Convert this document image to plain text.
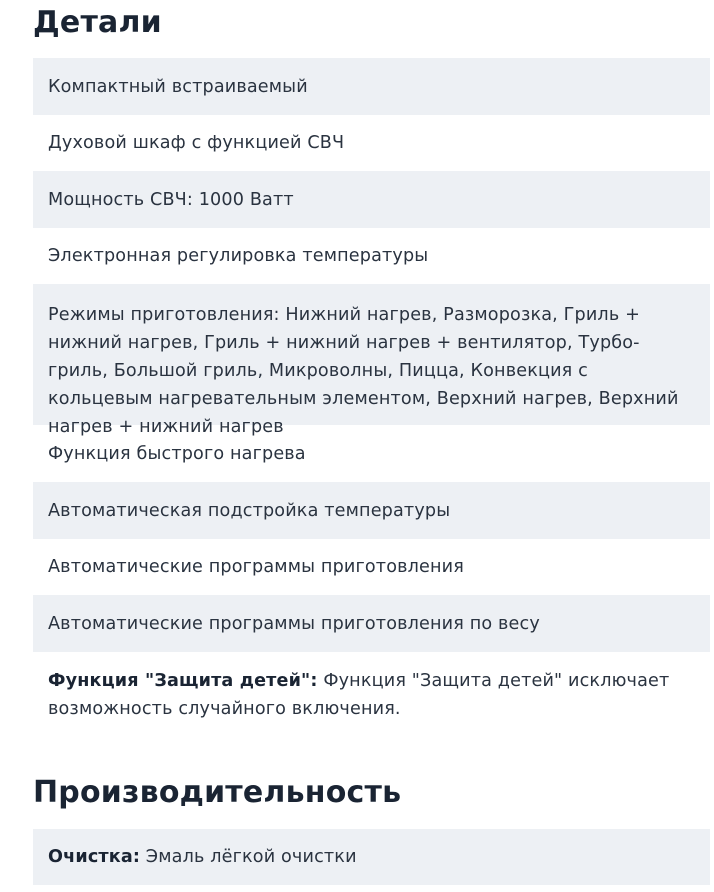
Детали
Компактный встраиваемый
Духовой шкаф с функцией СВЧ
Мощность СВЧ: 1000 Ватт
Электронная регулировка температуры
Режимы приготовления: Нижний нагрев, Разморозка, Гриль + нижний нагрев, Гриль + нижний нагрев + вентилятор, Турбо-гриль, Большой гриль, Микроволны, Пицца, Конвекция с кольцевым нагревательным элементом, Верхний нагрев, Верхний нагрев + нижний нагрев
Функция быстрого нагрева
Автоматическая подстройка температуры
Автоматические программы приготовления
Автоматические программы приготовления по весу
Функция "Защита детей": Функция "Защита детей" исключает возможность случайного включения.
Производительность
Очистка: Эмаль лёгкой очистки
